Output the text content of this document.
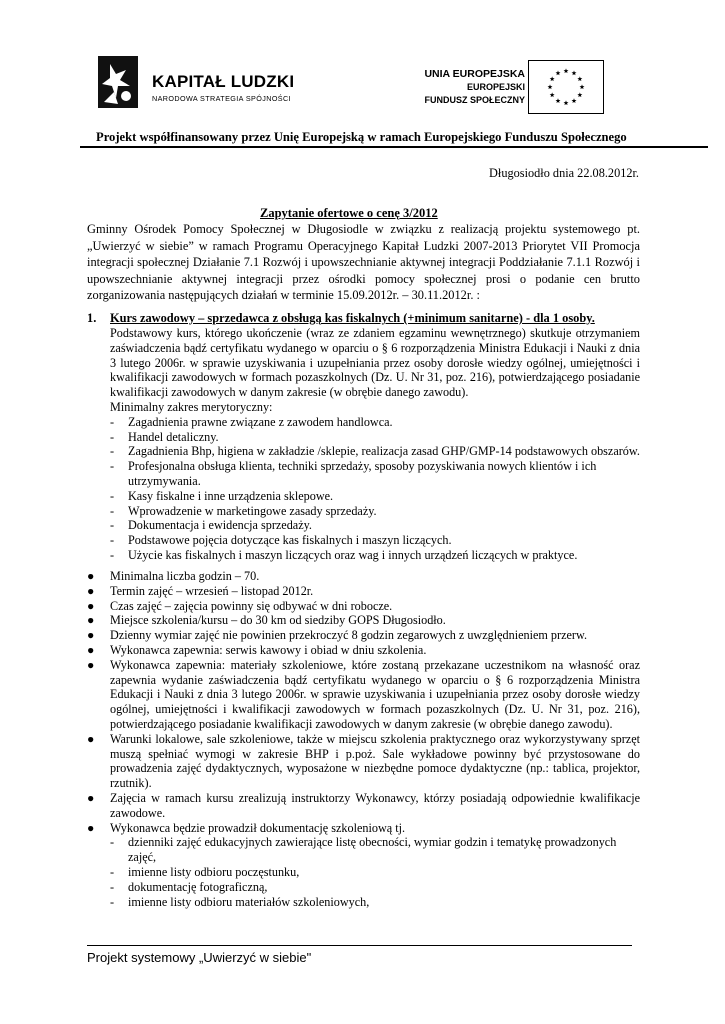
KAPITAŁ LUDZKI
NARODOWA STRATEGIA SPÓJNOŚCI
UNIA EUROPEJSKA
EUROPEJSKI
FUNDUSZ SPOŁECZNY
Projekt współfinansowany przez Unię Europejską w ramach Europejskiego Funduszu Społecznego
Długosiodło dnia 22.08.2012r.
Zapytanie ofertowe o cenę 3/2012
Gminny Ośrodek Pomocy Społecznej w Długosiodle w związku z realizacją projektu systemowego pt. „Uwierzyć w siebie” w ramach Programu Operacyjnego Kapitał Ludzki 2007-2013 Priorytet VII Promocja integracji społecznej Działanie 7.1 Rozwój i upowszechnianie aktywnej integracji Poddziałanie 7.1.1 Rozwój i upowszechnianie aktywnej integracji przez ośrodki pomocy społecznej prosi o podanie cen brutto zorganizowania następujących działań w terminie 15.09.2012r. – 30.11.2012r. :
1. Kurs zawodowy – sprzedawca z obsługą kas fiskalnych (+minimum sanitarne) - dla 1 osoby.

Podstawowy kurs, którego ukończenie (wraz ze zdaniem egzaminu wewnętrznego) skutkuje otrzymaniem zaświadczenia bądź certyfikatu wydanego w oparciu o § 6 rozporządzenia Ministra Edukacji i Nauki z dnia 3 lutego 2006r. w sprawie uzyskiwania i uzupełniania przez osoby dorosłe wiedzy ogólnej, umiejętności i kwalifikacji zawodowych w formach pozaszkolnych (Dz. U. Nr 31, poz. 216), potwierdzającego posiadanie kwalifikacji zawodowych w danym zakresie (w obrębie danego zawodu).

Minimalny zakres merytoryczny:

- Zagadnienia prawne związane z zawodem handlowca.
- Handel detaliczny.
- Zagadnienia Bhp, higiena w zakładzie /sklepie, realizacja zasad GHP/GMP-14 podstawowych obszarów.
- Profesjonalna obsługa klienta, techniki sprzedaży, sposoby pozyskiwania nowych klientów i ich utrzymywania.
- Kasy fiskalne i inne urządzenia sklepowe.
- Wprowadzenie w marketingowe zasady sprzedaży.
- Dokumentacja i ewidencja sprzedaży.
- Podstawowe pojęcia dotyczące kas fiskalnych i maszyn liczących.
- Użycie kas fiskalnych i maszyn liczących oraz wag i innych urządzeń liczących w praktyce.
● Minimalna liczba godzin – 70.
● Termin zajęć – wrzesień – listopad 2012r.
● Czas zajęć – zajęcia powinny się odbywać w dni robocze.
● Miejsce szkolenia/kursu – do 30 km od siedziby GOPS Długosiodło.
● Dzienny wymiar zajęć nie powinien przekroczyć 8 godzin zegarowych z uwzględnieniem przerw.
● Wykonawca zapewnia: serwis kawowy i obiad w dniu szkolenia.
● Wykonawca zapewnia: materiały szkoleniowe, które zostaną przekazane uczestnikom na własność oraz zapewnia wydanie zaświadczenia bądź certyfikatu wydanego w oparciu o § 6 rozporządzenia Ministra Edukacji i Nauki z dnia 3 lutego 2006r. w sprawie uzyskiwania i uzupełniania przez osoby dorosłe wiedzy ogólnej, umiejętności i kwalifikacji zawodowych w formach pozaszkolnych (Dz. U. Nr 31, poz. 216), potwierdzającego posiadanie kwalifikacji zawodowych w danym zakresie (w obrębie danego zawodu).
● Warunki lokalowe, sale szkoleniowe, także w miejscu szkolenia praktycznego oraz wykorzystywany sprzęt muszą spełniać wymogi w zakresie BHP i p.poż. Sale wykładowe powinny być przystosowane do prowadzenia zajęć dydaktycznych, wyposażone w niezbędne pomoce dydaktyczne (np.: tablica, projektor, rzutnik).
● Zajęcia w ramach kursu zrealizują instruktorzy Wykonawcy, którzy posiadają odpowiednie kwalifikacje zawodowe.
● Wykonawca będzie prowadził dokumentację szkoleniową tj.
- dzienniki zajęć edukacyjnych zawierające listę obecności, wymiar godzin i tematykę prowadzonych zajęć,
- imienne listy odbioru poczęstunku,
- dokumentację fotograficzną,
- imienne listy odbioru materiałów szkoleniowych,
Projekt systemowy „Uwierzyć w siebie"
